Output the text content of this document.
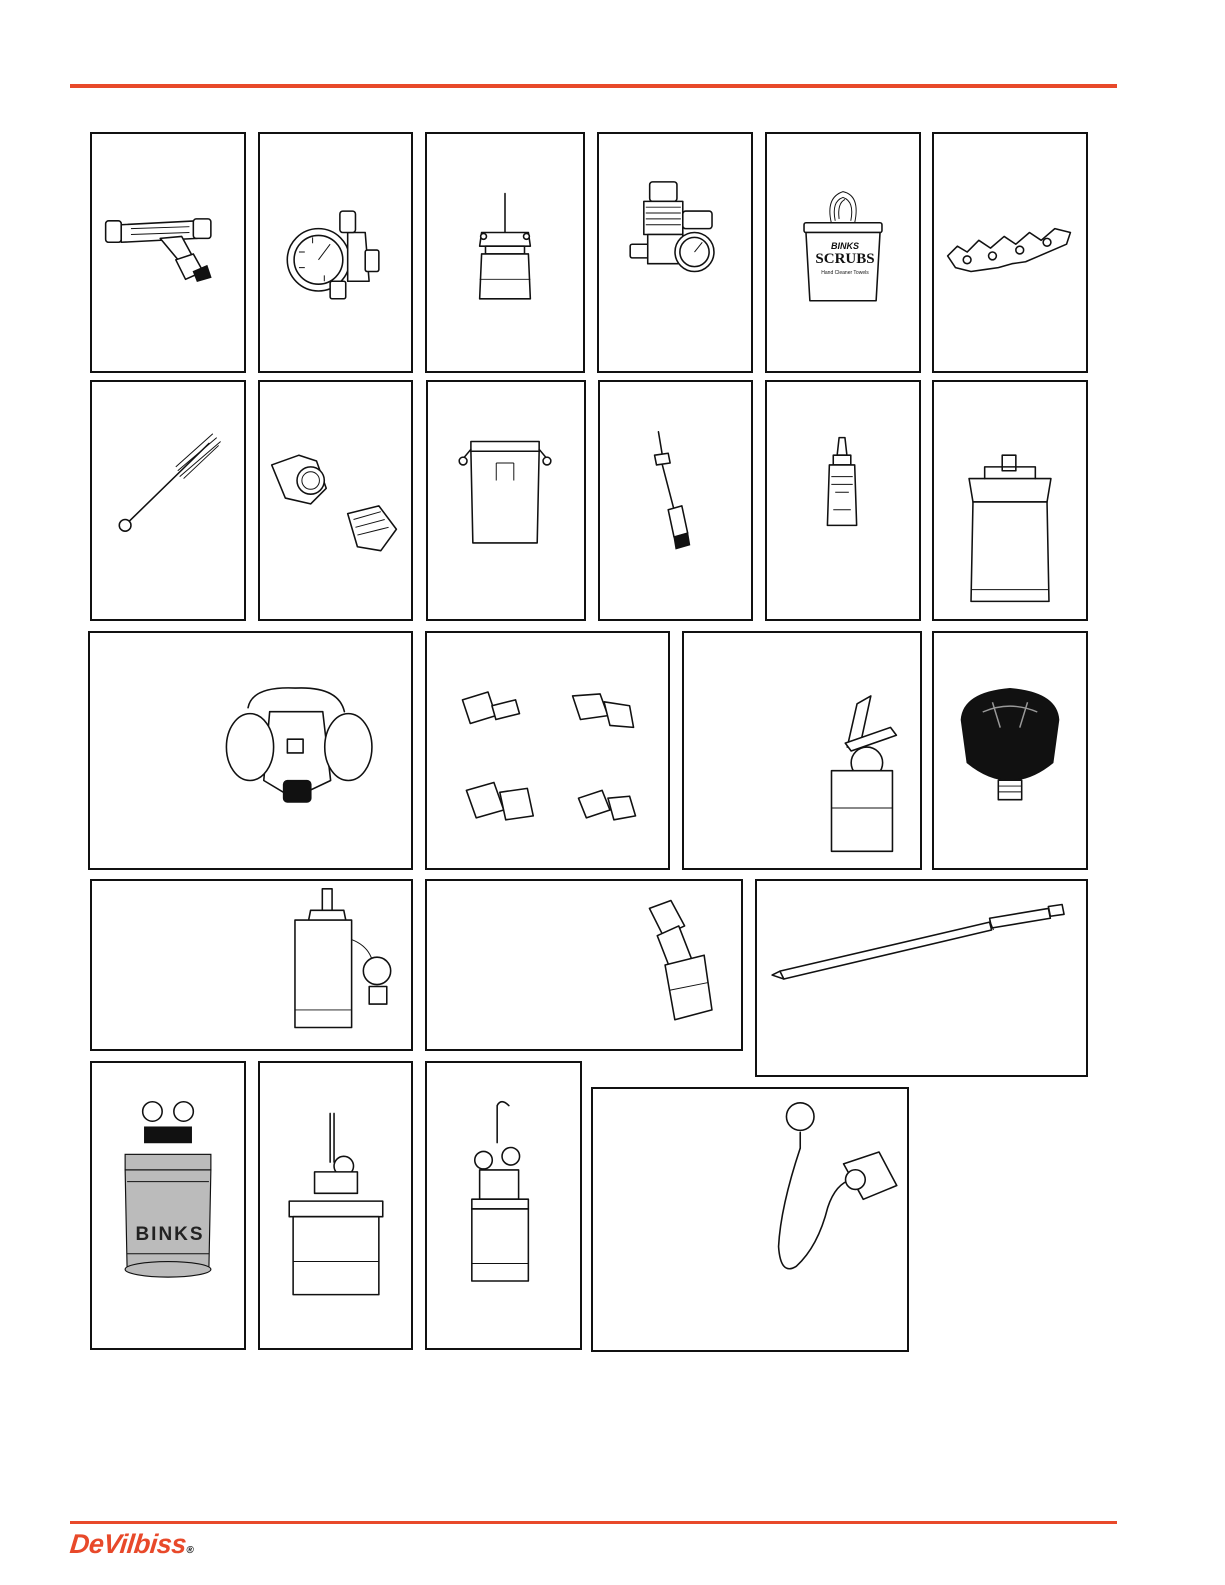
BINKS
SCRUBS
Hand Cleaner Towels
BINKS
DeVilbiss®
